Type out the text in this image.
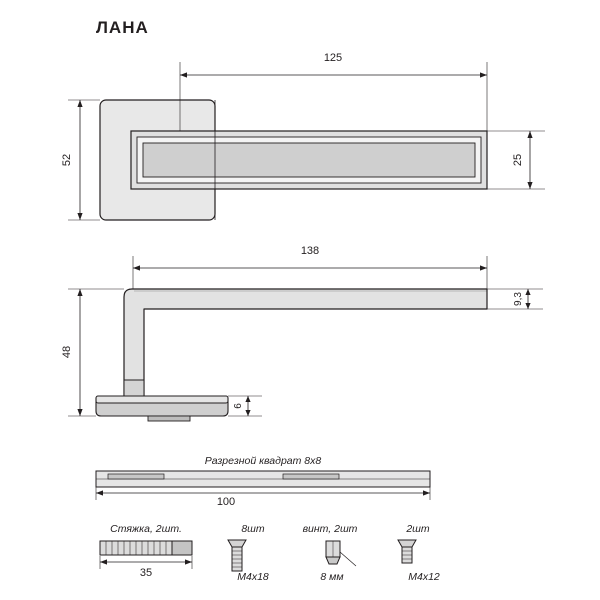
ЛАНА
125
52	25
138
48
9,3
6
Разрезной квадрат 8х8
100
Стяжка, 2шт.
35
8шт
M4x18
винт, 2шт
8 мм
2шт
M4x12
